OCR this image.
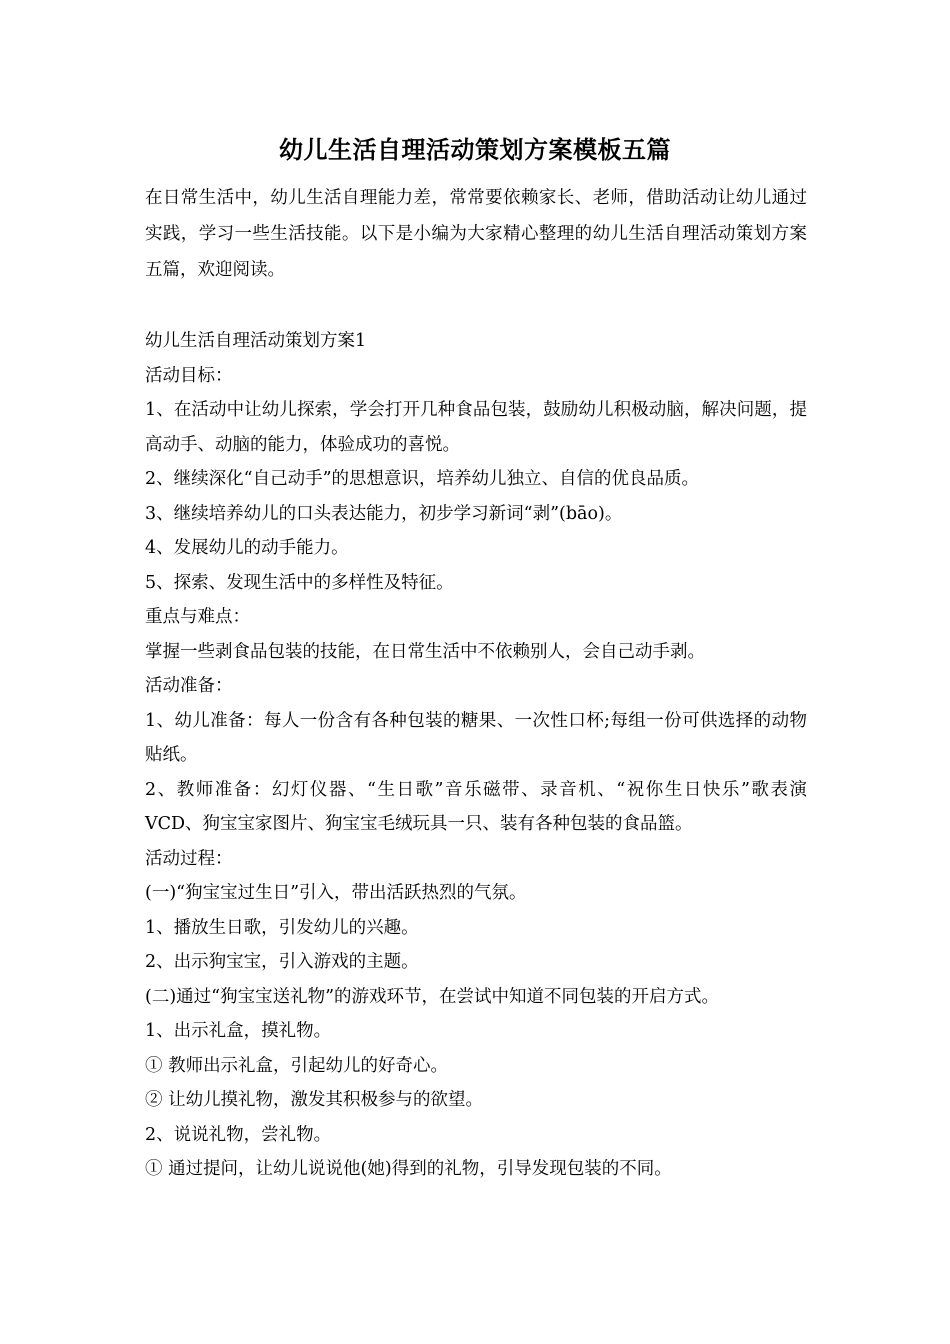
幼儿生活自理活动策划方案模板五篇

在日常生活中，幼儿生活自理能力差，常常要依赖家长、老师，借助活动让幼儿通过实践，学习一些生活技能。以下是小编为大家精心整理的幼儿生活自理活动策划方案五篇，欢迎阅读。

幼儿生活自理活动策划方案1

活动目标：

1、在活动中让幼儿探索，学会打开几种食品包装，鼓励幼儿积极动脑，解决问题，提高动手、动脑的能力，体验成功的喜悦。

2、继续深化“自己动手”的思想意识，培养幼儿独立、自信的优良品质。

3、继续培养幼儿的口头表达能力，初步学习新词“剥”(bāo)。

4、发展幼儿的动手能力。

5、探索、发现生活中的多样性及特征。

重点与难点：

掌握一些剥食品包装的技能，在日常生活中不依赖别人，会自己动手剥。

活动准备：

1、幼儿准备：每人一份含有各种包装的糖果、一次性口杯;每组一份可供选择的动物贴纸。

2、教师准备：幻灯仪器、“生日歌”音乐磁带、录音机、“祝你生日快乐”歌表演VCD、狗宝宝家图片、狗宝宝毛绒玩具一只、装有各种包装的食品篮。

活动过程：

(一)“狗宝宝过生日”引入，带出活跃热烈的气氛。

1、播放生日歌，引发幼儿的兴趣。

2、出示狗宝宝，引入游戏的主题。

(二)通过“狗宝宝送礼物”的游戏环节，在尝试中知道不同包装的开启方式。

1、出示礼盒，摸礼物。

① 教师出示礼盒，引起幼儿的好奇心。

② 让幼儿摸礼物，激发其积极参与的欲望。

2、说说礼物，尝礼物。

① 通过提问，让幼儿说说他(她)得到的礼物，引导发现包装的不同。
